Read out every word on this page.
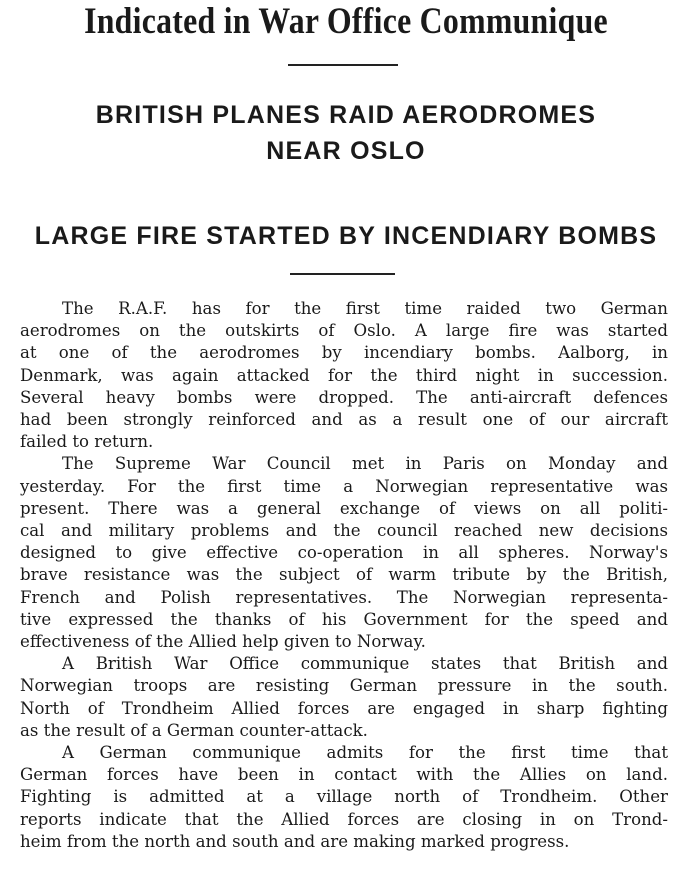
Indicated in War Office Communique
BRITISH PLANES RAID AERODROMES
NEAR OSLO
LARGE FIRE STARTED BY INCENDIARY BOMBS
The R.A.F. has for the first time raided two German
aerodromes on the outskirts of Oslo. A large fire was started
at one of the aerodromes by incendiary bombs. Aalborg, in
Denmark, was again attacked for the third night in succession.
Several heavy bombs were dropped. The anti-aircraft defences
had been strongly reinforced and as a result one of our aircraft
failed to return.
The Supreme War Council met in Paris on Monday and
yesterday. For the first time a Norwegian representative was
present. There was a general exchange of views on all politi-
cal and military problems and the council reached new decisions
designed to give effective co-operation in all spheres. Norway's
brave resistance was the subject of warm tribute by the British,
French and Polish representatives. The Norwegian representa-
tive expressed the thanks of his Government for the speed and
effectiveness of the Allied help given to Norway.
A British War Office communique states that British and
Norwegian troops are resisting German pressure in the south.
North of Trondheim Allied forces are engaged in sharp fighting
as the result of a German counter-attack.
A German communique admits for the first time that
German forces have been in contact with the Allies on land.
Fighting is admitted at a village north of Trondheim. Other
reports indicate that the Allied forces are closing in on Trond-
heim from the north and south and are making marked progress.
